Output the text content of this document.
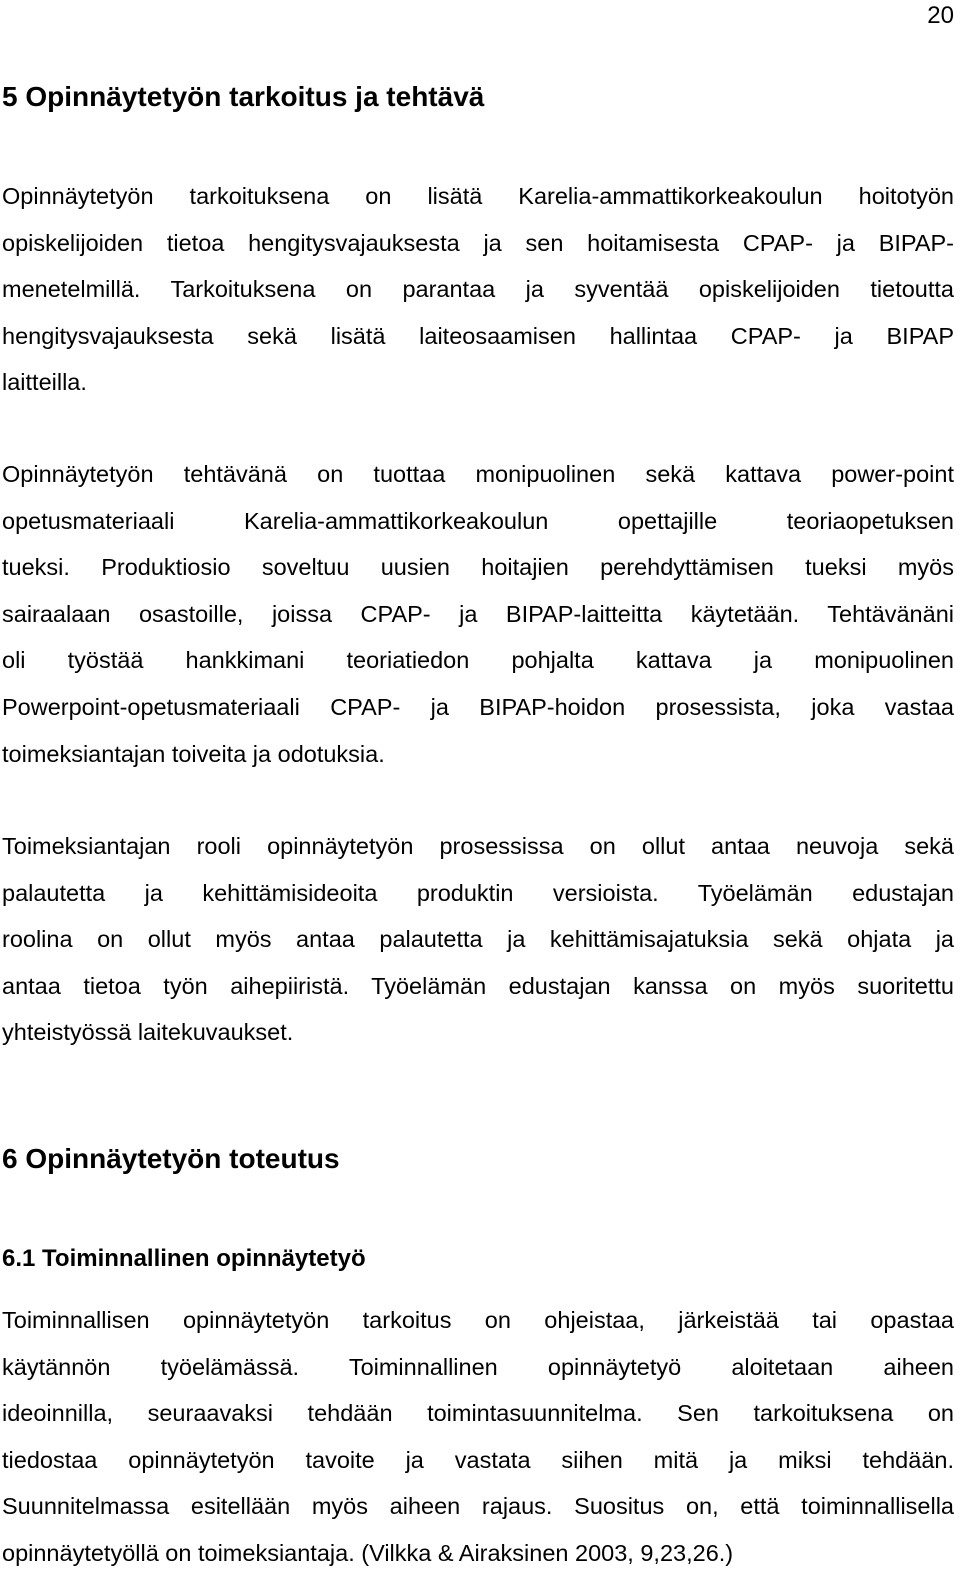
20
5 Opinnäytetyön tarkoitus ja tehtävä
Opinnäytetyön tarkoituksena on lisätä Karelia-ammattikorkeakoulun hoitotyön
opiskelijoiden tietoa hengitysvajauksesta ja sen hoitamisesta CPAP- ja BIPAP-
menetelmillä. Tarkoituksena on parantaa ja syventää opiskelijoiden tietoutta
hengitysvajauksesta sekä lisätä laiteosaamisen hallintaa CPAP- ja BIPAP
laitteilla.
Opinnäytetyön tehtävänä on tuottaa monipuolinen sekä kattava power-point
opetusmateriaali Karelia-ammattikorkeakoulun opettajille teoriaopetuksen
tueksi. Produktiosio soveltuu uusien hoitajien perehdyttämisen tueksi myös
sairaalaan osastoille, joissa CPAP- ja BIPAP-laitteitta käytetään. Tehtävänäni
oli työstää hankkimani teoriatiedon pohjalta kattava ja monipuolinen
Powerpoint-opetusmateriaali CPAP- ja BIPAP-hoidon prosessista, joka vastaa
toimeksiantajan toiveita ja odotuksia.
Toimeksiantajan rooli opinnäytetyön prosessissa on ollut antaa neuvoja sekä
palautetta ja kehittämisideoita produktin versioista. Työelämän edustajan
roolina on ollut myös antaa palautetta ja kehittämisajatuksia sekä ohjata ja
antaa tietoa työn aihepiiristä. Työelämän edustajan kanssa on myös suoritettu
yhteistyössä laitekuvaukset.
6 Opinnäytetyön toteutus
6.1 Toiminnallinen opinnäytetyö
Toiminnallisen opinnäytetyön tarkoitus on ohjeistaa, järkeistää tai opastaa
käytännön työelämässä. Toiminnallinen opinnäytetyö aloitetaan aiheen
ideoinnilla, seuraavaksi tehdään toimintasuunnitelma. Sen tarkoituksena on
tiedostaa opinnäytetyön tavoite ja vastata siihen mitä ja miksi tehdään.
Suunnitelmassa esitellään myös aiheen rajaus. Suositus on, että toiminnallisella
opinnäytetyöllä on toimeksiantaja. (Vilkka & Airaksinen 2003, 9,23,26.)
